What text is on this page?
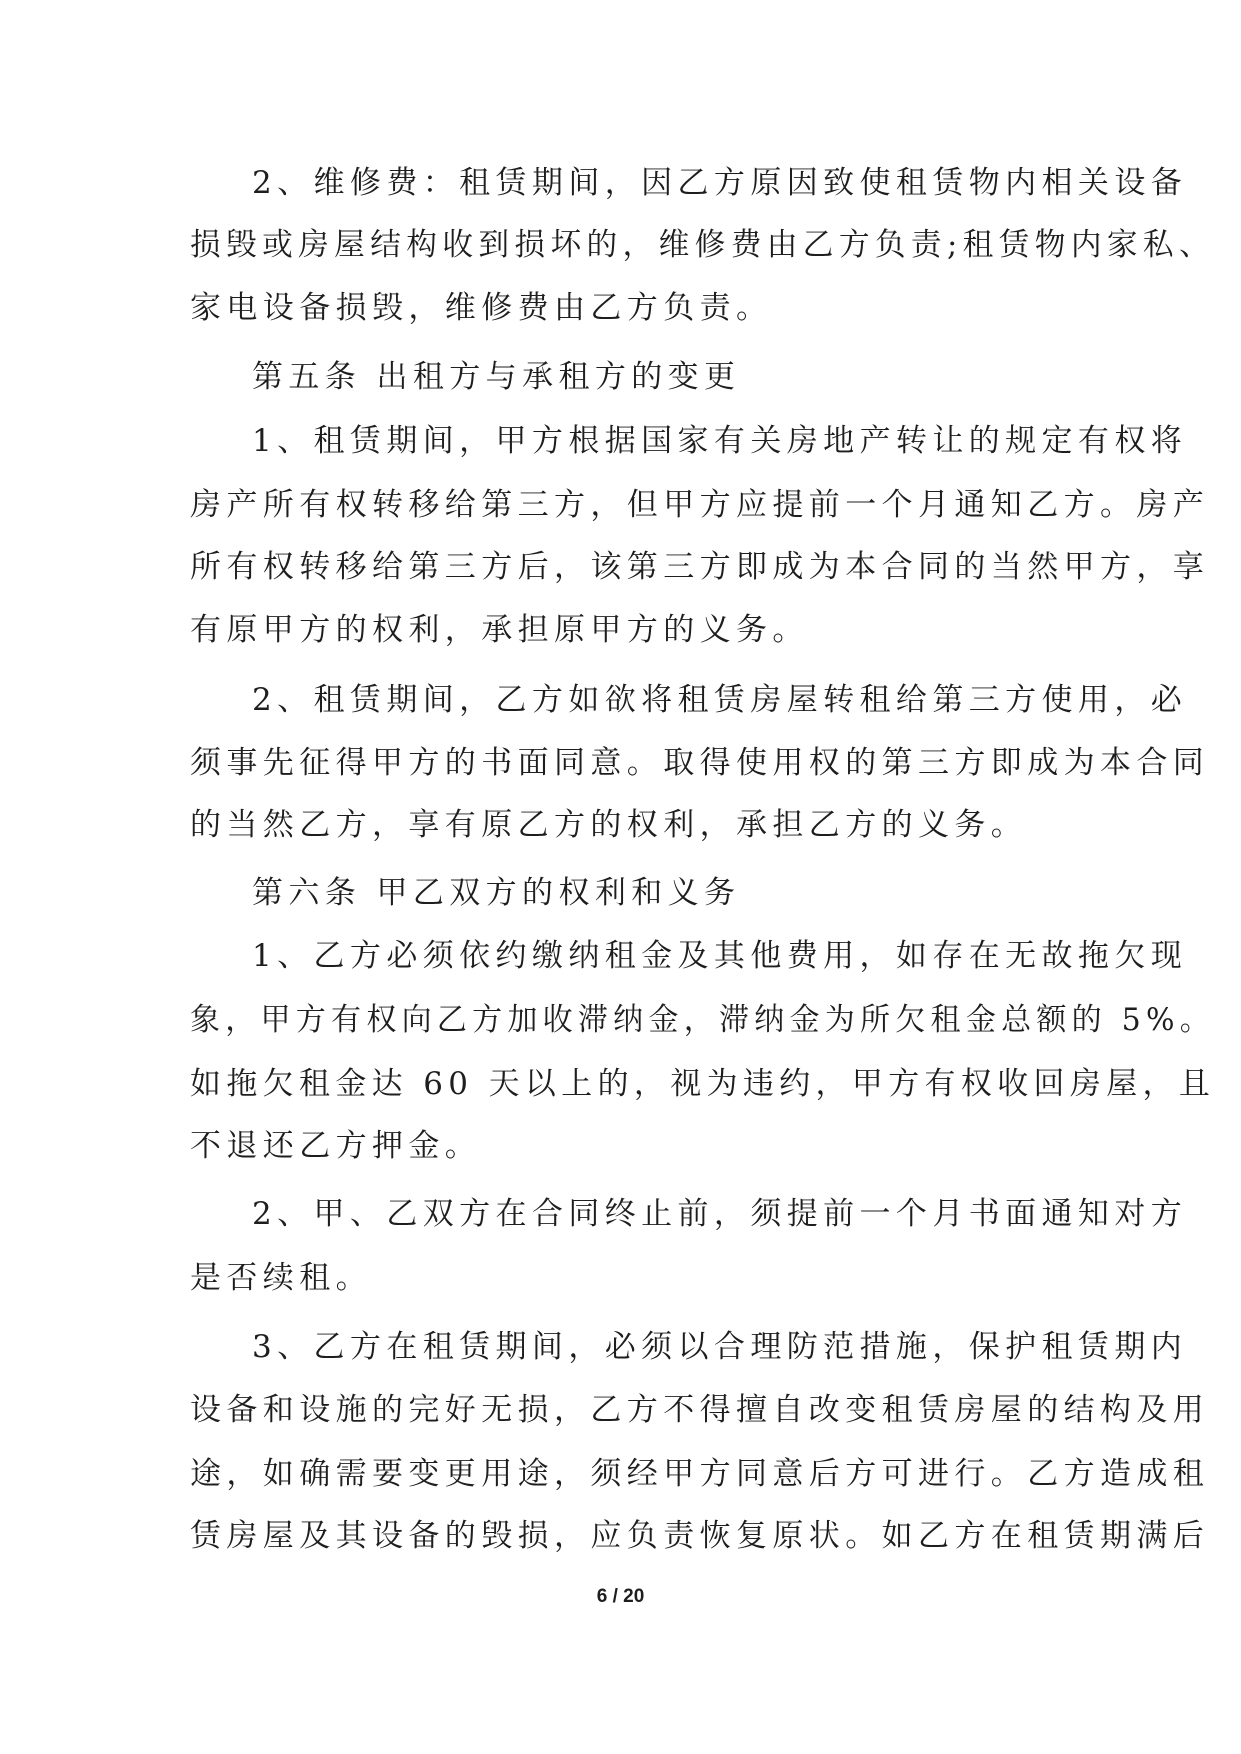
2、维修费：租赁期间，因乙方原因致使租赁物内相关设备

损毁或房屋结构收到损坏的，维修费由乙方负责;租赁物内家私、

家电设备损毁，维修费由乙方负责。

第五条 出租方与承租方的变更

1、租赁期间，甲方根据国家有关房地产转让的规定有权将

房产所有权转移给第三方，但甲方应提前一个月通知乙方。房产

所有权转移给第三方后，该第三方即成为本合同的当然甲方，享

有原甲方的权利，承担原甲方的义务。

2、租赁期间，乙方如欲将租赁房屋转租给第三方使用，必

须事先征得甲方的书面同意。取得使用权的第三方即成为本合同

的当然乙方，享有原乙方的权利，承担乙方的义务。

第六条 甲乙双方的权利和义务

1、乙方必须依约缴纳租金及其他费用，如存在无故拖欠现

象，甲方有权向乙方加收滞纳金，滞纳金为所欠租金总额的 5%。

如拖欠租金达 60 天以上的，视为违约，甲方有权收回房屋，且

不退还乙方押金。

2、甲、乙双方在合同终止前，须提前一个月书面通知对方

是否续租。

3、乙方在租赁期间，必须以合理防范措施，保护租赁期内

设备和设施的完好无损，乙方不得擅自改变租赁房屋的结构及用

途，如确需要变更用途，须经甲方同意后方可进行。乙方造成租

赁房屋及其设备的毁损，应负责恢复原状。如乙方在租赁期满后

6 / 20
